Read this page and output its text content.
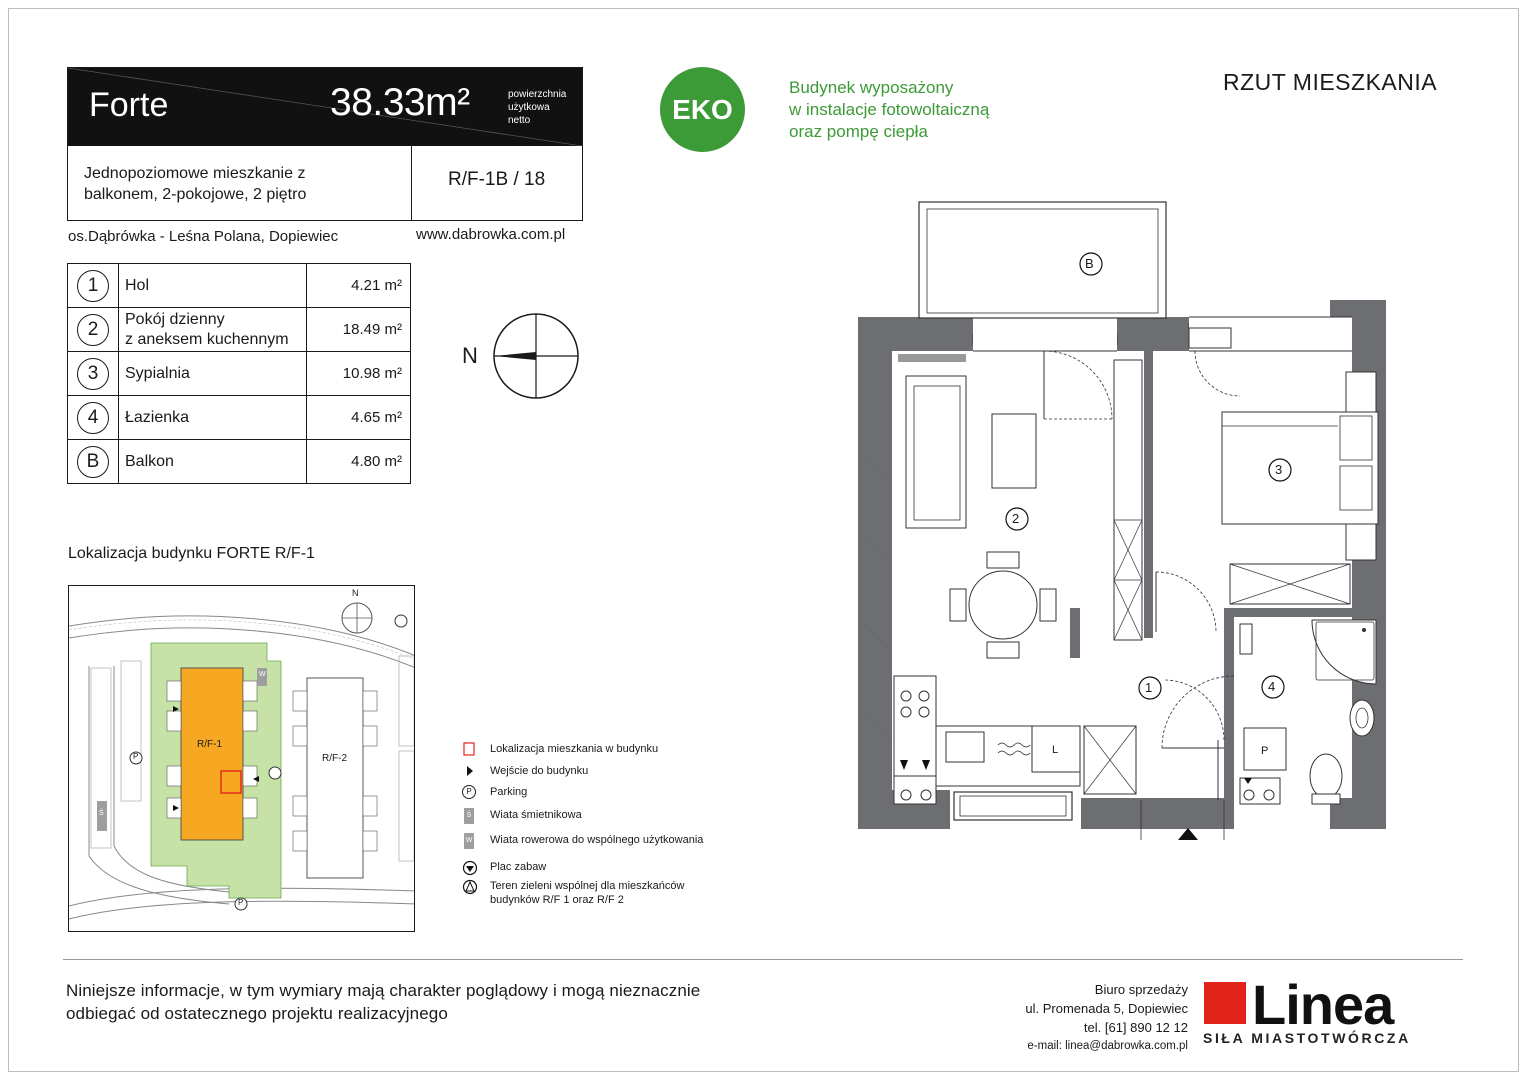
Forte	38.33m²	powierzchnia
użytkowa
netto
Jednopoziomowe mieszkanie z
balkonem, 2-pokojowe, 2 piętro
R/F-1B / 18
os.Dąbrówka - Leśna Polana, Dopiewiec	www.dabrowka.com.pl
1	Hol	4.21 m²
2	Pokój dzienny
z aneksem kuchennym	18.49 m²
3	Sypialnia	10.98 m²
4	Łazienka	4.65 m²
B	Balkon	4.80 m²
EKO
Budynek wyposażony
w instalacje fotowoltaiczną
oraz pompę ciepła
RZUT MIESZKANIA
N
Lokalizacja budynku FORTE R/F-1
N
R/F-1
R/F-2
P
P
Ś
W
Lokalizacja mieszkania w budynku
Wejście do budynku
P	Parking
Ś Wiata śmietnikowa
W Wiata rowerowa do wspólnego użytkowania
Plac zabaw
Teren zieleni wspólnej dla mieszkańców
budynków R/F 1 oraz R/F 2
B
2
3
1	4
L	P
Niniejsze informacje, w tym wymiary mają charakter poglądowy i mogą nieznacznie
odbiegać od ostatecznego projektu realizacyjnego
Biuro sprzedaży
ul. Promenada 5, Dopiewiec
tel. [61] 890 12 12
e-mail: linea@dabrowka.com.pl
Linea
SIŁA MIASTOTWÓRCZA
